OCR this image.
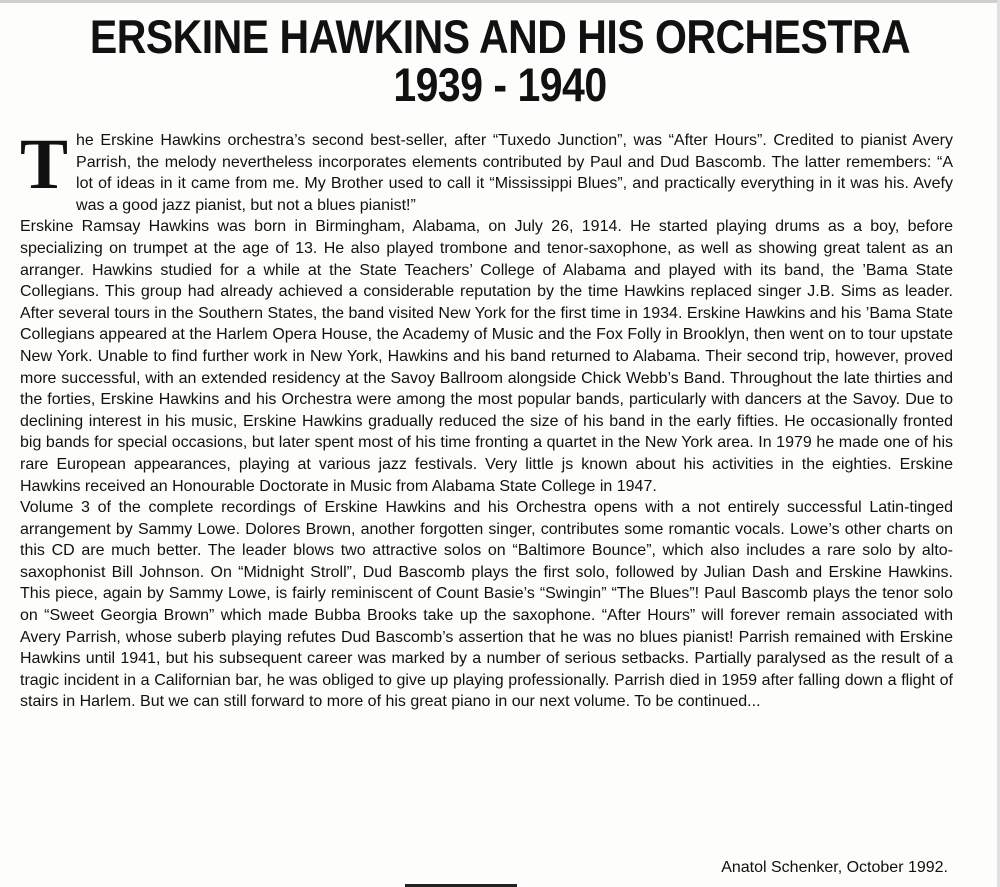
ERSKINE HAWKINS AND HIS ORCHESTRA
1939 - 1940

The Erskine Hawkins orchestra’s second best-seller, after “Tuxedo Junction”, was “After Hours”. Credited to pianist Avery Parrish, the melody nevertheless incorporates elements contributed by Paul and Dud Bascomb. The latter remembers: “A lot of ideas in it came from me. My Brother used to call it “Mississippi Blues”, and practically everything in it was his. Avefy was a good jazz pianist, but not a blues pianist!”

Erskine Ramsay Hawkins was born in Birmingham, Alabama, on July 26, 1914. He started playing drums as a boy, before specializing on trumpet at the age of 13. He also played trombone and tenor-saxophone, as well as showing great talent as an arranger. Hawkins studied for a while at the State Teachers’ College of Alabama and played with its band, the ’Bama State Collegians. This group had already achieved a considerable reputation by the time Hawkins replaced singer J.B. Sims as leader. After several tours in the Southern States, the band visited New York for the first time in 1934. Erskine Hawkins and his ’Bama State Collegians appeared at the Harlem Opera House, the Academy of Music and the Fox Folly in Brooklyn, then went on to tour upstate New York. Unable to find further work in New York, Hawkins and his band returned to Alabama. Their second trip, however, proved more successful, with an extended residency at the Savoy Ballroom alongside Chick Webb’s Band. Throughout the late thirties and the forties, Erskine Hawkins and his Orchestra were among the most popular bands, particularly with dancers at the Savoy. Due to declining interest in his music, Erskine Hawkins gradually reduced the size of his band in the early fifties. He occasionally fronted big bands for special occasions, but later spent most of his time fronting a quartet in the New York area. In 1979 he made one of his rare European appearances, playing at various jazz festivals. Very little js known about his activities in the eighties. Erskine Hawkins received an Honourable Doctorate in Music from Alabama State College in 1947.

Volume 3 of the complete recordings of Erskine Hawkins and his Orchestra opens with a not entirely successful Latin-tinged arrangement by Sammy Lowe. Dolores Brown, another forgotten singer, contributes some romantic vocals. Lowe’s other charts on this CD are much better. The leader blows two attractive solos on “Baltimore Bounce”, which also includes a rare solo by alto-saxophonist Bill Johnson. On “Midnight Stroll”, Dud Bascomb plays the first solo, followed by Julian Dash and Erskine Hawkins. This piece, again by Sammy Lowe, is fairly reminiscent of Count Basie’s “Swingin” “The Blues”! Paul Bascomb plays the tenor solo on “Sweet Georgia Brown” which made Bubba Brooks take up the saxophone. “After Hours” will forever remain associated with Avery Parrish, whose suberb playing refutes Dud Bascomb’s assertion that he was no blues pianist! Parrish remained with Erskine Hawkins until 1941, but his subsequent career was marked by a number of serious setbacks. Partially paralysed as the result of a tragic incident in a Californian bar, he was obliged to give up playing professionally. Parrish died in 1959 after falling down a flight of stairs in Harlem. But we can still forward to more of his great piano in our next volume. To be continued...

Anatol Schenker, October 1992.
